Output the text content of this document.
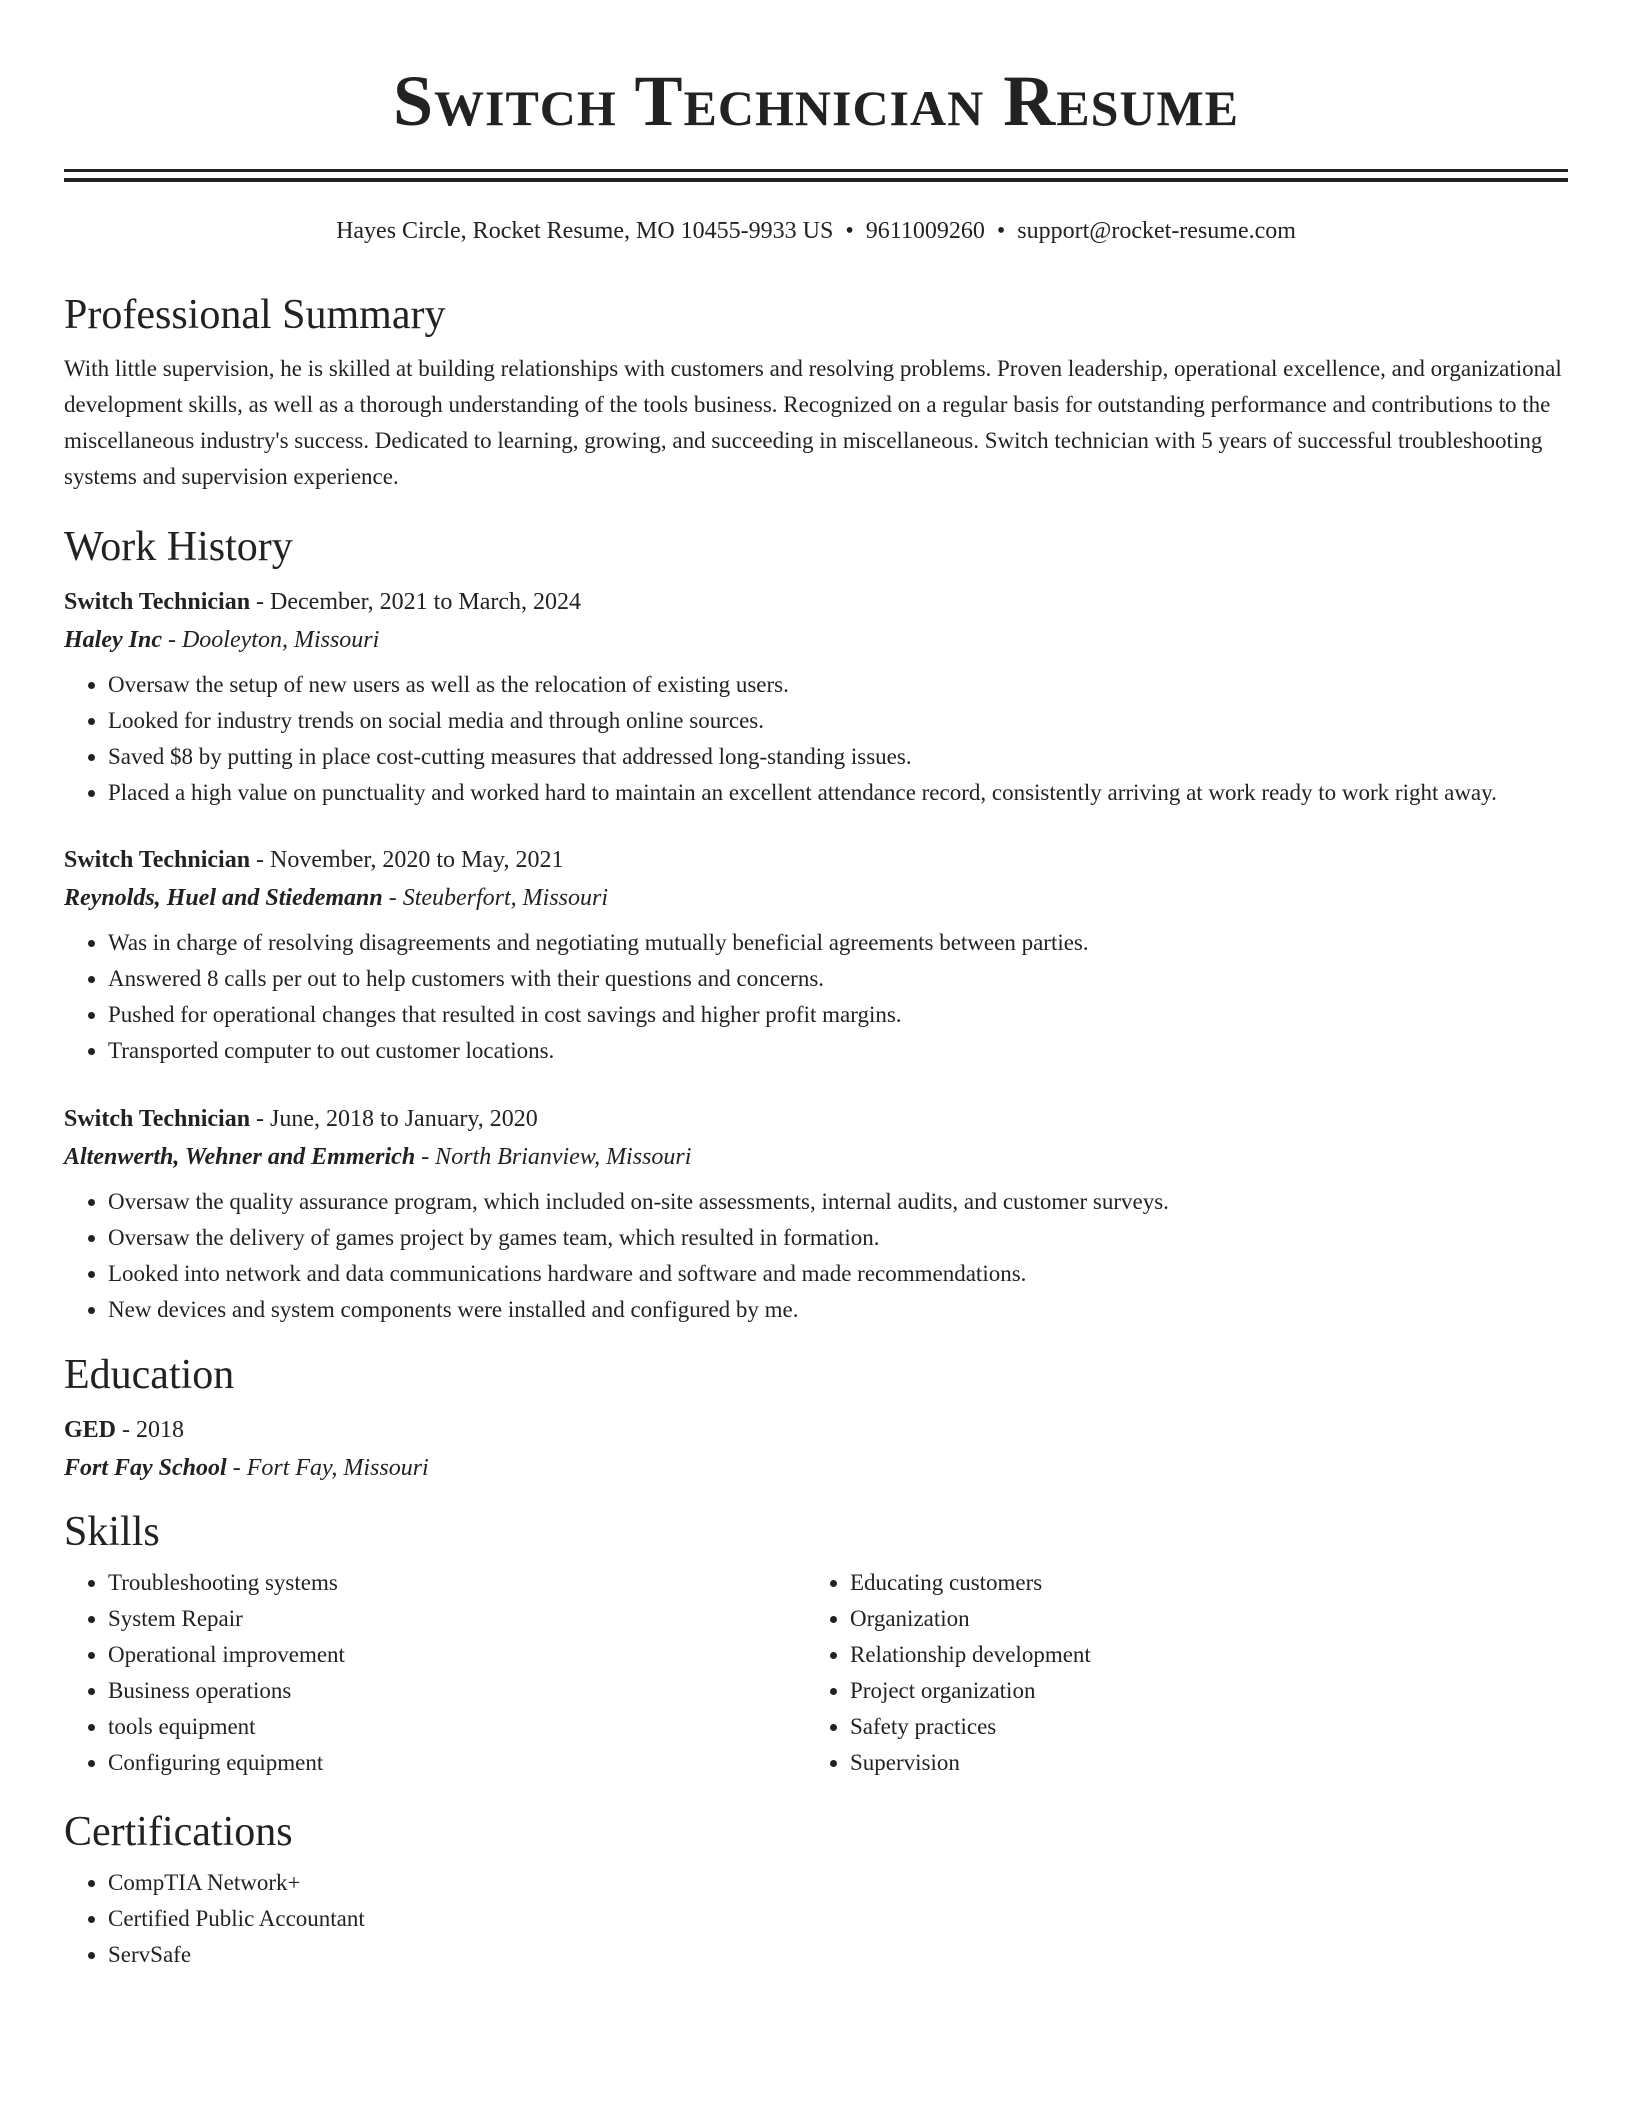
Switch Technician Resume
Hayes Circle, Rocket Resume, MO 10455-9933 US • 9611009260 • support@rocket-resume.com
Professional Summary

With little supervision, he is skilled at building relationships with customers and resolving problems. Proven leadership, operational excellence, and organizational development skills, as well as a thorough understanding of the tools business. Recognized on a regular basis for outstanding performance and contributions to the miscellaneous industry's success. Dedicated to learning, growing, and succeeding in miscellaneous. Switch technician with 5 years of successful troubleshooting systems and supervision experience.

Work History
Switch Technician - December, 2021 to March, 2024
Haley Inc - Dooleyton, Missouri
• Oversaw the setup of new users as well as the relocation of existing users.
• Looked for industry trends on social media and through online sources.
• Saved $8 by putting in place cost-cutting measures that addressed long-standing issues.
• Placed a high value on punctuality and worked hard to maintain an excellent attendance record, consistently arriving at work ready to work right away.
Switch Technician - November, 2020 to May, 2021
Reynolds, Huel and Stiedemann - Steuberfort, Missouri
• Was in charge of resolving disagreements and negotiating mutually beneficial agreements between parties.
• Answered 8 calls per out to help customers with their questions and concerns.
• Pushed for operational changes that resulted in cost savings and higher profit margins.
• Transported computer to out customer locations.
Switch Technician - June, 2018 to January, 2020
Altenwerth, Wehner and Emmerich - North Brianview, Missouri
• Oversaw the quality assurance program, which included on-site assessments, internal audits, and customer surveys.
• Oversaw the delivery of games project by games team, which resulted in formation.
• Looked into network and data communications hardware and software and made recommendations.
• New devices and system components were installed and configured by me.
Education
GED - 2018
Fort Fay School - Fort Fay, Missouri
Skills
• Troubleshooting systems
• System Repair
• Operational improvement
• Business operations
• tools equipment
• Configuring equipment
• Educating customers
• Organization
• Relationship development
• Project organization
• Safety practices
• Supervision
Certifications
• CompTIA Network+
• Certified Public Accountant
• ServSafe
